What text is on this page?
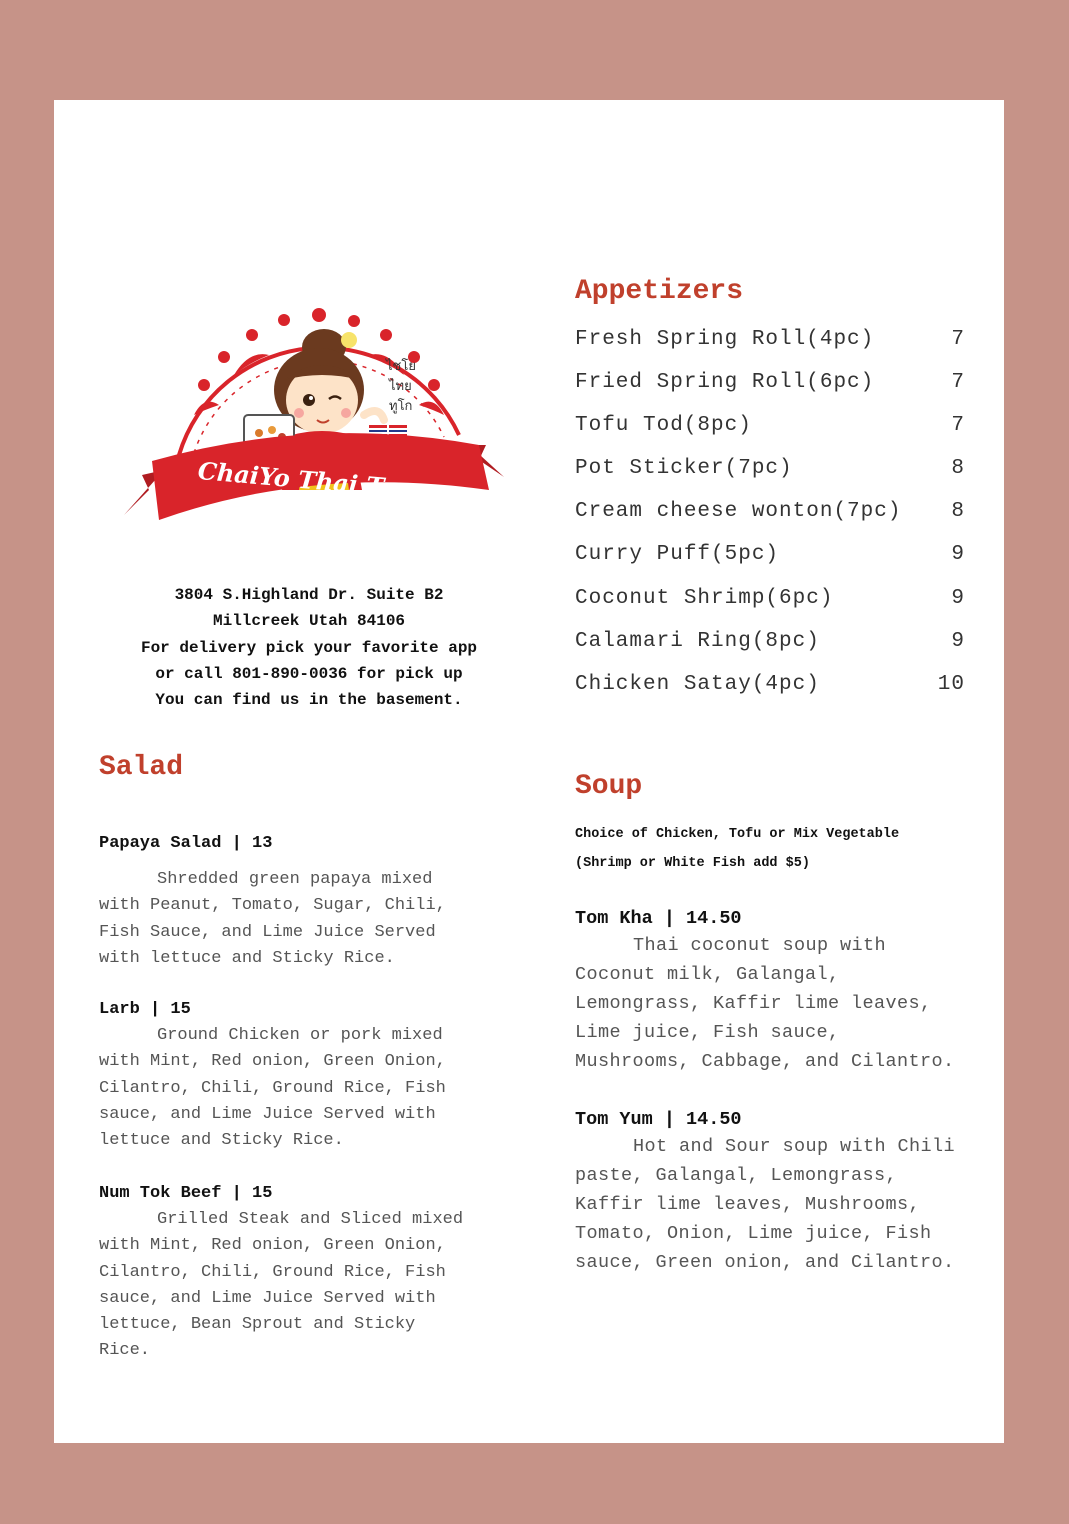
ไชโย
ไทย
ทูโก
ChaiYo Thai Togo
3804 S.Highland Dr. Suite B2
Millcreek Utah 84106
For delivery pick your favorite app
or call 801-890-0036 for pick up
You can find us in the basement.
Appetizers
Fresh Spring Roll(4pc)	7
Fried Spring Roll(6pc)	7
Tofu Tod(8pc)	7
Pot Sticker(7pc)	8
Cream cheese wonton(7pc) 8
Curry Puff(5pc)	9
Coconut Shrimp(6pc)	9
Calamari Ring(8pc)	9
Chicken Satay(4pc)	10
Salad

Papaya Salad | 13

Shredded green papaya mixed
with Peanut, Tomato, Sugar, Chili,
Fish Sauce, and Lime Juice Served
with lettuce and Sticky Rice.

Larb | 15

Ground Chicken or pork mixed
with Mint, Red onion, Green Onion,
Cilantro, Chili, Ground Rice, Fish
sauce, and Lime Juice Served with
lettuce and Sticky Rice.

Num Tok Beef | 15

Grilled Steak and Sliced mixed
with Mint, Red onion, Green Onion,
Cilantro, Chili, Ground Rice, Fish
sauce, and Lime Juice Served with
lettuce, Bean Sprout and Sticky
Rice.
Soup
Choice of Chicken, Tofu or Mix Vegetable
(Shrimp or White Fish add $5)

Tom Kha | 14.50

Thai coconut soup with
Coconut milk, Galangal,
Lemongrass, Kaffir lime leaves,
Lime juice, Fish sauce,
Mushrooms, Cabbage, and Cilantro.

Tom Yum | 14.50

Hot and Sour soup with Chili
paste, Galangal, Lemongrass,
Kaffir lime leaves, Mushrooms,
Tomato, Onion, Lime juice, Fish
sauce, Green onion, and Cilantro.
